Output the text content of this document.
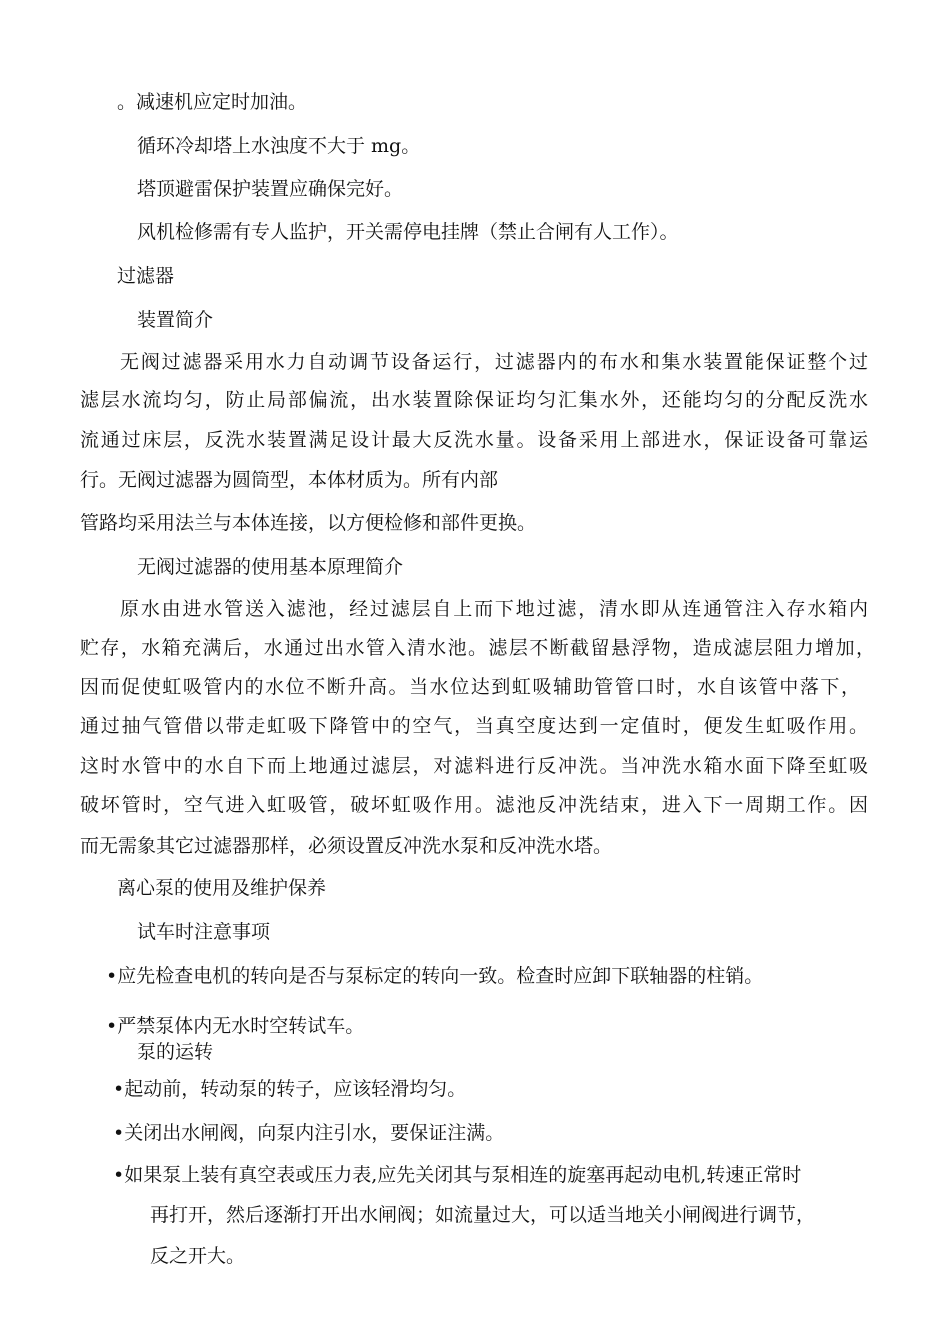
。减速机应定时加油。
循环冷却塔上水浊度不大于 mg。
塔顶避雷保护装置应确保完好。
风机检修需有专人监护，开关需停电挂牌（禁止合闸有人工作）。
过滤器
装置简介
无阀过滤器采用水力自动调节设备运行，过滤器内的布水和集水装置能保证整个过
滤层水流均匀，防止局部偏流，出水装置除保证均匀汇集水外，还能均匀的分配反洗水
流通过床层，反洗水装置满足设计最大反洗水量。设备采用上部进水，保证设备可靠运
行。无阀过滤器为圆筒型，本体材质为。所有内部
管路均采用法兰与本体连接，以方便检修和部件更换。
无阀过滤器的使用基本原理简介
原水由进水管送入滤池，经过滤层自上而下地过滤，清水即从连通管注入存水箱内
贮存，水箱充满后，水通过出水管入清水池。滤层不断截留悬浮物，造成滤层阻力增加，
因而促使虹吸管内的水位不断升高。当水位达到虹吸辅助管管口时，水自该管中落下，
通过抽气管借以带走虹吸下降管中的空气，当真空度达到一定值时，便发生虹吸作用。
这时水管中的水自下而上地通过滤层，对滤料进行反冲洗。当冲洗水箱水面下降至虹吸
破坏管时，空气进入虹吸管，破坏虹吸作用。滤池反冲洗结束，进入下一周期工作。因
而无需象其它过滤器那样，必须设置反冲洗水泵和反冲洗水塔。
离心泵的使用及维护保养
试车时注意事项
•应先检查电机的转向是否与泵标定的转向一致。检查时应卸下联轴器的柱销。
•严禁泵体内无水时空转试车。
泵的运转
•起动前，转动泵的转子，应该轻滑均匀。
•关闭出水闸阀，向泵内注引水，要保证注满。
•如果泵上装有真空表或压力表,应先关闭其与泵相连的旋塞再起动电机,转速正常时
再打开，然后逐渐打开出水闸阀；如流量过大，可以适当地关小闸阀进行调节，
反之开大。
